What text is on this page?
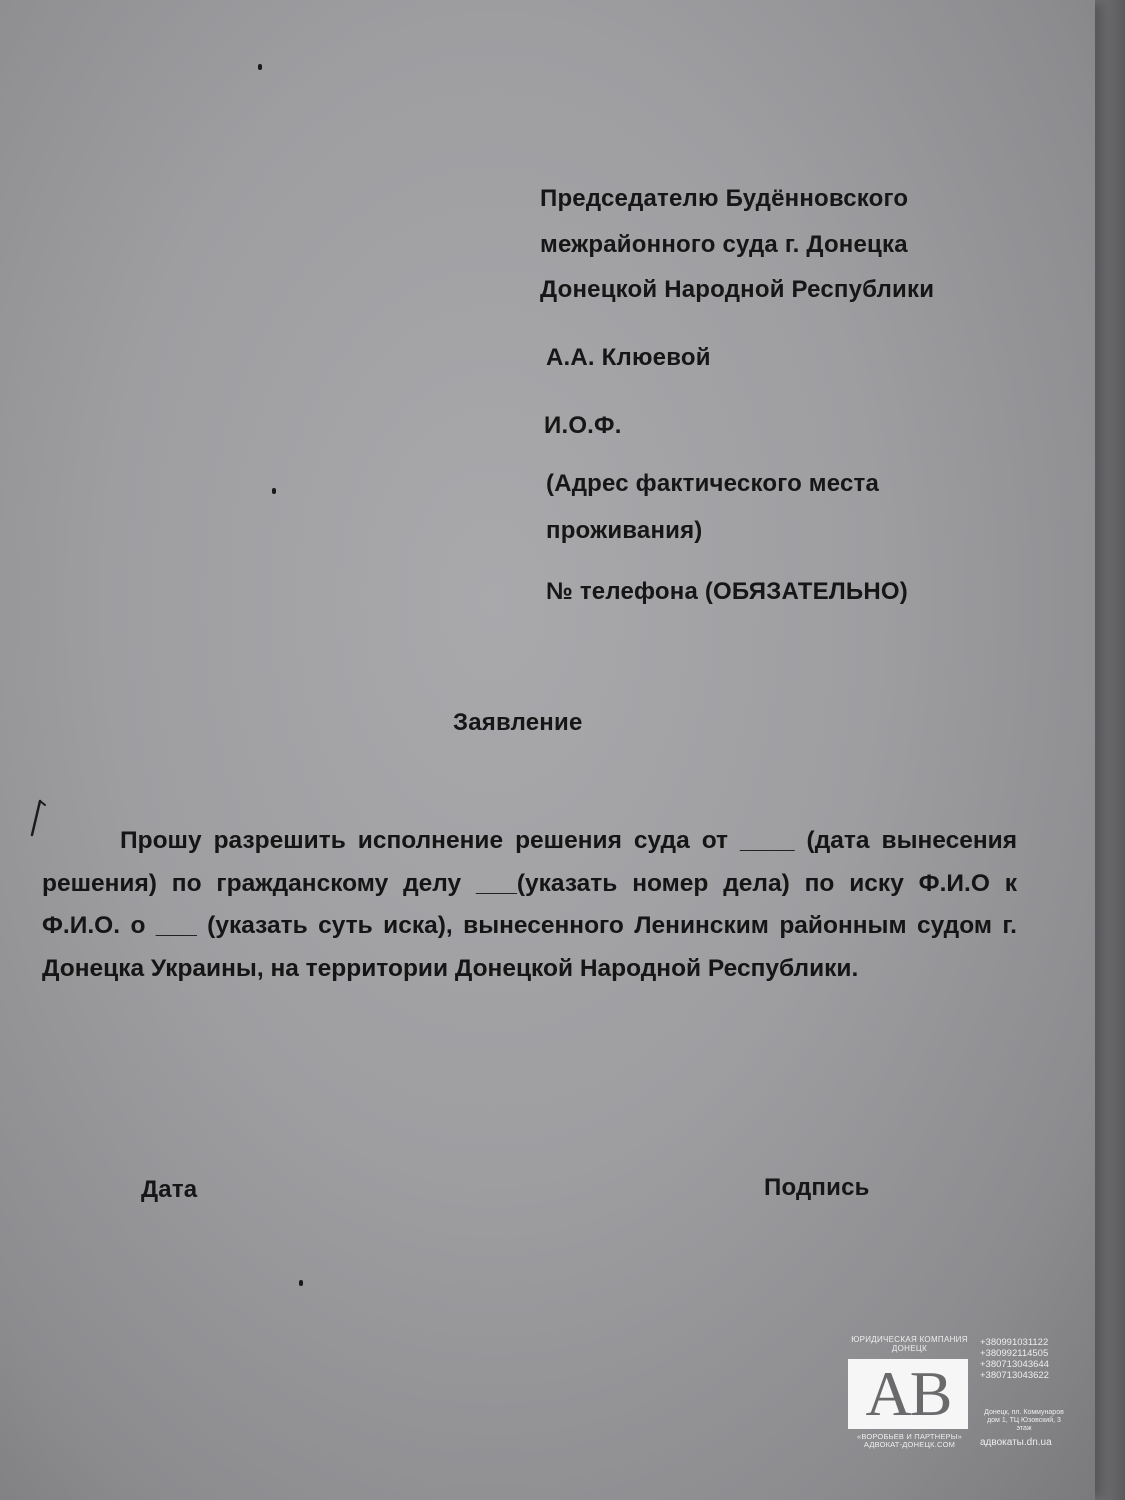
Председателю Будённовского
межрайонного суда г. Донецка
Донецкой Народной Республики
А.А. Клюевой
И.О.Ф.
(Адрес фактического места
проживания)
№ телефона (ОБЯЗАТЕЛЬНО)
Заявление
Прошу разрешить исполнение решения суда от ____ (дата вынесения решения) по гражданскому делу ___(указать номер дела) по иску Ф.И.О к Ф.И.О. о ___ (указать суть иска), вынесенного Ленинским районным судом г. Донецка Украины, на территории Донецкой Народной Республики.
Дата	Подпись
ЮРИДИЧЕСКАЯ КОМПАНИЯ ДОНЕЦК
AB
«ВОРОБЬЕВ И ПАРТНЕРЫ» АДВОКАТ-ДОНЕЦК.COM
+380991031122
+380992114505
+380713043644
+380713043622
Донецк, пл. Коммунаров дом 1, ТЦ Юзовский, 3 этаж
адвокаты.dn.ua
